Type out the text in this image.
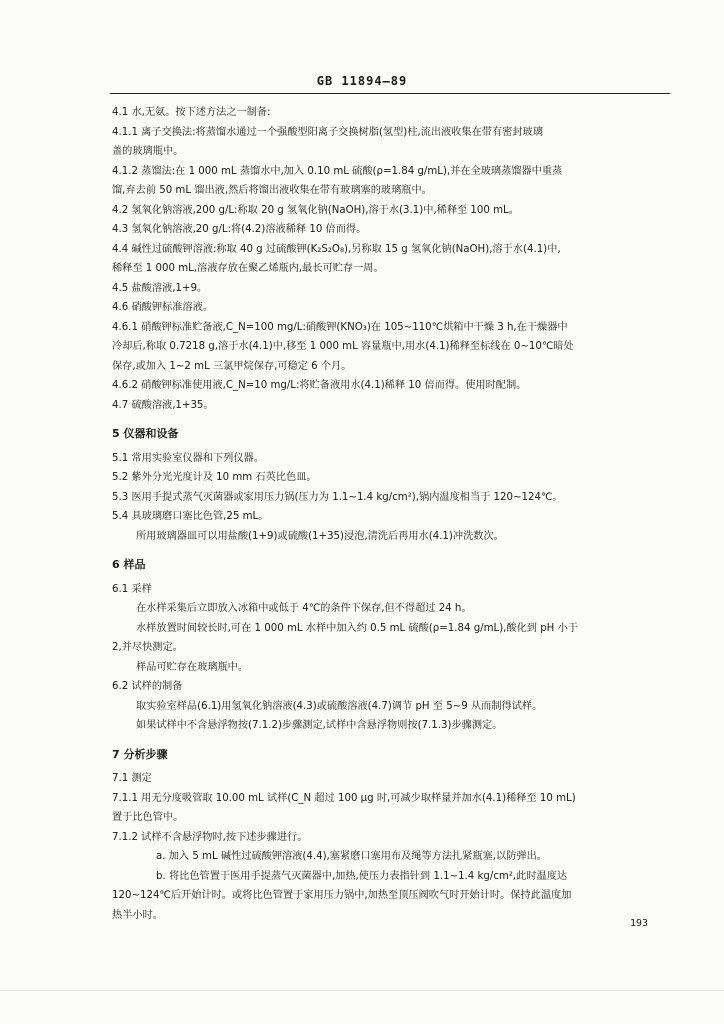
GB 11894—89
4.1 水,无氨。按下述方法之一制备:
4.1.1 离子交换法:将蒸馏水通过一个强酸型阳离子交换树脂(氢型)柱,流出液收集在带有密封玻璃
盖的玻璃瓶中。
4.1.2 蒸馏法:在 1 000 mL 蒸馏水中,加入 0.10 mL 硫酸(ρ=1.84 g/mL),并在全玻璃蒸馏器中重蒸
馏,弃去前 50 mL 馏出液,然后将馏出液收集在带有玻璃塞的玻璃瓶中。
4.2 氢氧化钠溶液,200 g/L:称取 20 g 氢氧化钠(NaOH),溶于水(3.1)中,稀释至 100 mL。
4.3 氢氧化钠溶液,20 g/L:将(4.2)溶液稀释 10 倍而得。
4.4 碱性过硫酸钾溶液:称取 40 g 过硫酸钾(K₂S₂O₈),另称取 15 g 氢氧化钠(NaOH),溶于水(4.1)中,
稀释至 1 000 mL,溶液存放在聚乙烯瓶内,最长可贮存一周。
4.5 盐酸溶液,1+9。
4.6 硝酸钾标准溶液。
4.6.1 硝酸钾标准贮备液,C_N=100 mg/L:硝酸钾(KNO₃)在 105~110℃烘箱中干燥 3 h,在干燥器中
冷却后,称取 0.7218 g,溶于水(4.1)中,移至 1 000 mL 容量瓶中,用水(4.1)稀释至标线在 0~10℃暗处
保存,或加入 1~2 mL 三氯甲烷保存,可稳定 6 个月。
4.6.2 硝酸钾标准使用液,C_N=10 mg/L:将贮备液用水(4.1)稀释 10 倍而得。使用时配制。
4.7 硫酸溶液,1+35。
5 仪器和设备
5.1 常用实验室仪器和下列仪器。
5.2 紫外分光光度计及 10 mm 石英比色皿。
5.3 医用手提式蒸气灭菌器或家用压力锅(压力为 1.1~1.4 kg/cm²),锅内温度相当于 120~124℃。
5.4 具玻璃磨口塞比色管,25 mL。
所用玻璃器皿可以用盐酸(1+9)或硫酸(1+35)浸泡,清洗后再用水(4.1)冲洗数次。
6 样品
6.1 采样
在水样采集后立即放入冰箱中或低于 4℃的条件下保存,但不得超过 24 h。
水样放置时间较长时,可在 1 000 mL 水样中加入约 0.5 mL 硫酸(ρ=1.84 g/mL),酸化到 pH 小于
2,并尽快测定。
样品可贮存在玻璃瓶中。
6.2 试样的制备
取实验室样品(6.1)用氢氧化钠溶液(4.3)或硫酸溶液(4.7)调节 pH 至 5~9 从而制得试样。
如果试样中不含悬浮物按(7.1.2)步骤测定,试样中含悬浮物则按(7.1.3)步骤测定。
7 分析步骤
7.1 测定
7.1.1 用无分度吸管取 10.00 mL 试样(C_N 超过 100 μg 时,可减少取样量并加水(4.1)稀释至 10 mL)
置于比色管中。
7.1.2 试样不含悬浮物时,按下述步骤进行。
a. 加入 5 mL 碱性过硫酸钾溶液(4.4),塞紧磨口塞用布及绳等方法扎紧瓶塞,以防弹出。
b. 将比色管置于医用手提蒸气灭菌器中,加热,使压力表指针到 1.1~1.4 kg/cm²,此时温度达
120~124℃后开始计时。或将比色管置于家用压力锅中,加热至顶压阀吹气时开始计时。保持此温度加
热半小时。
193
